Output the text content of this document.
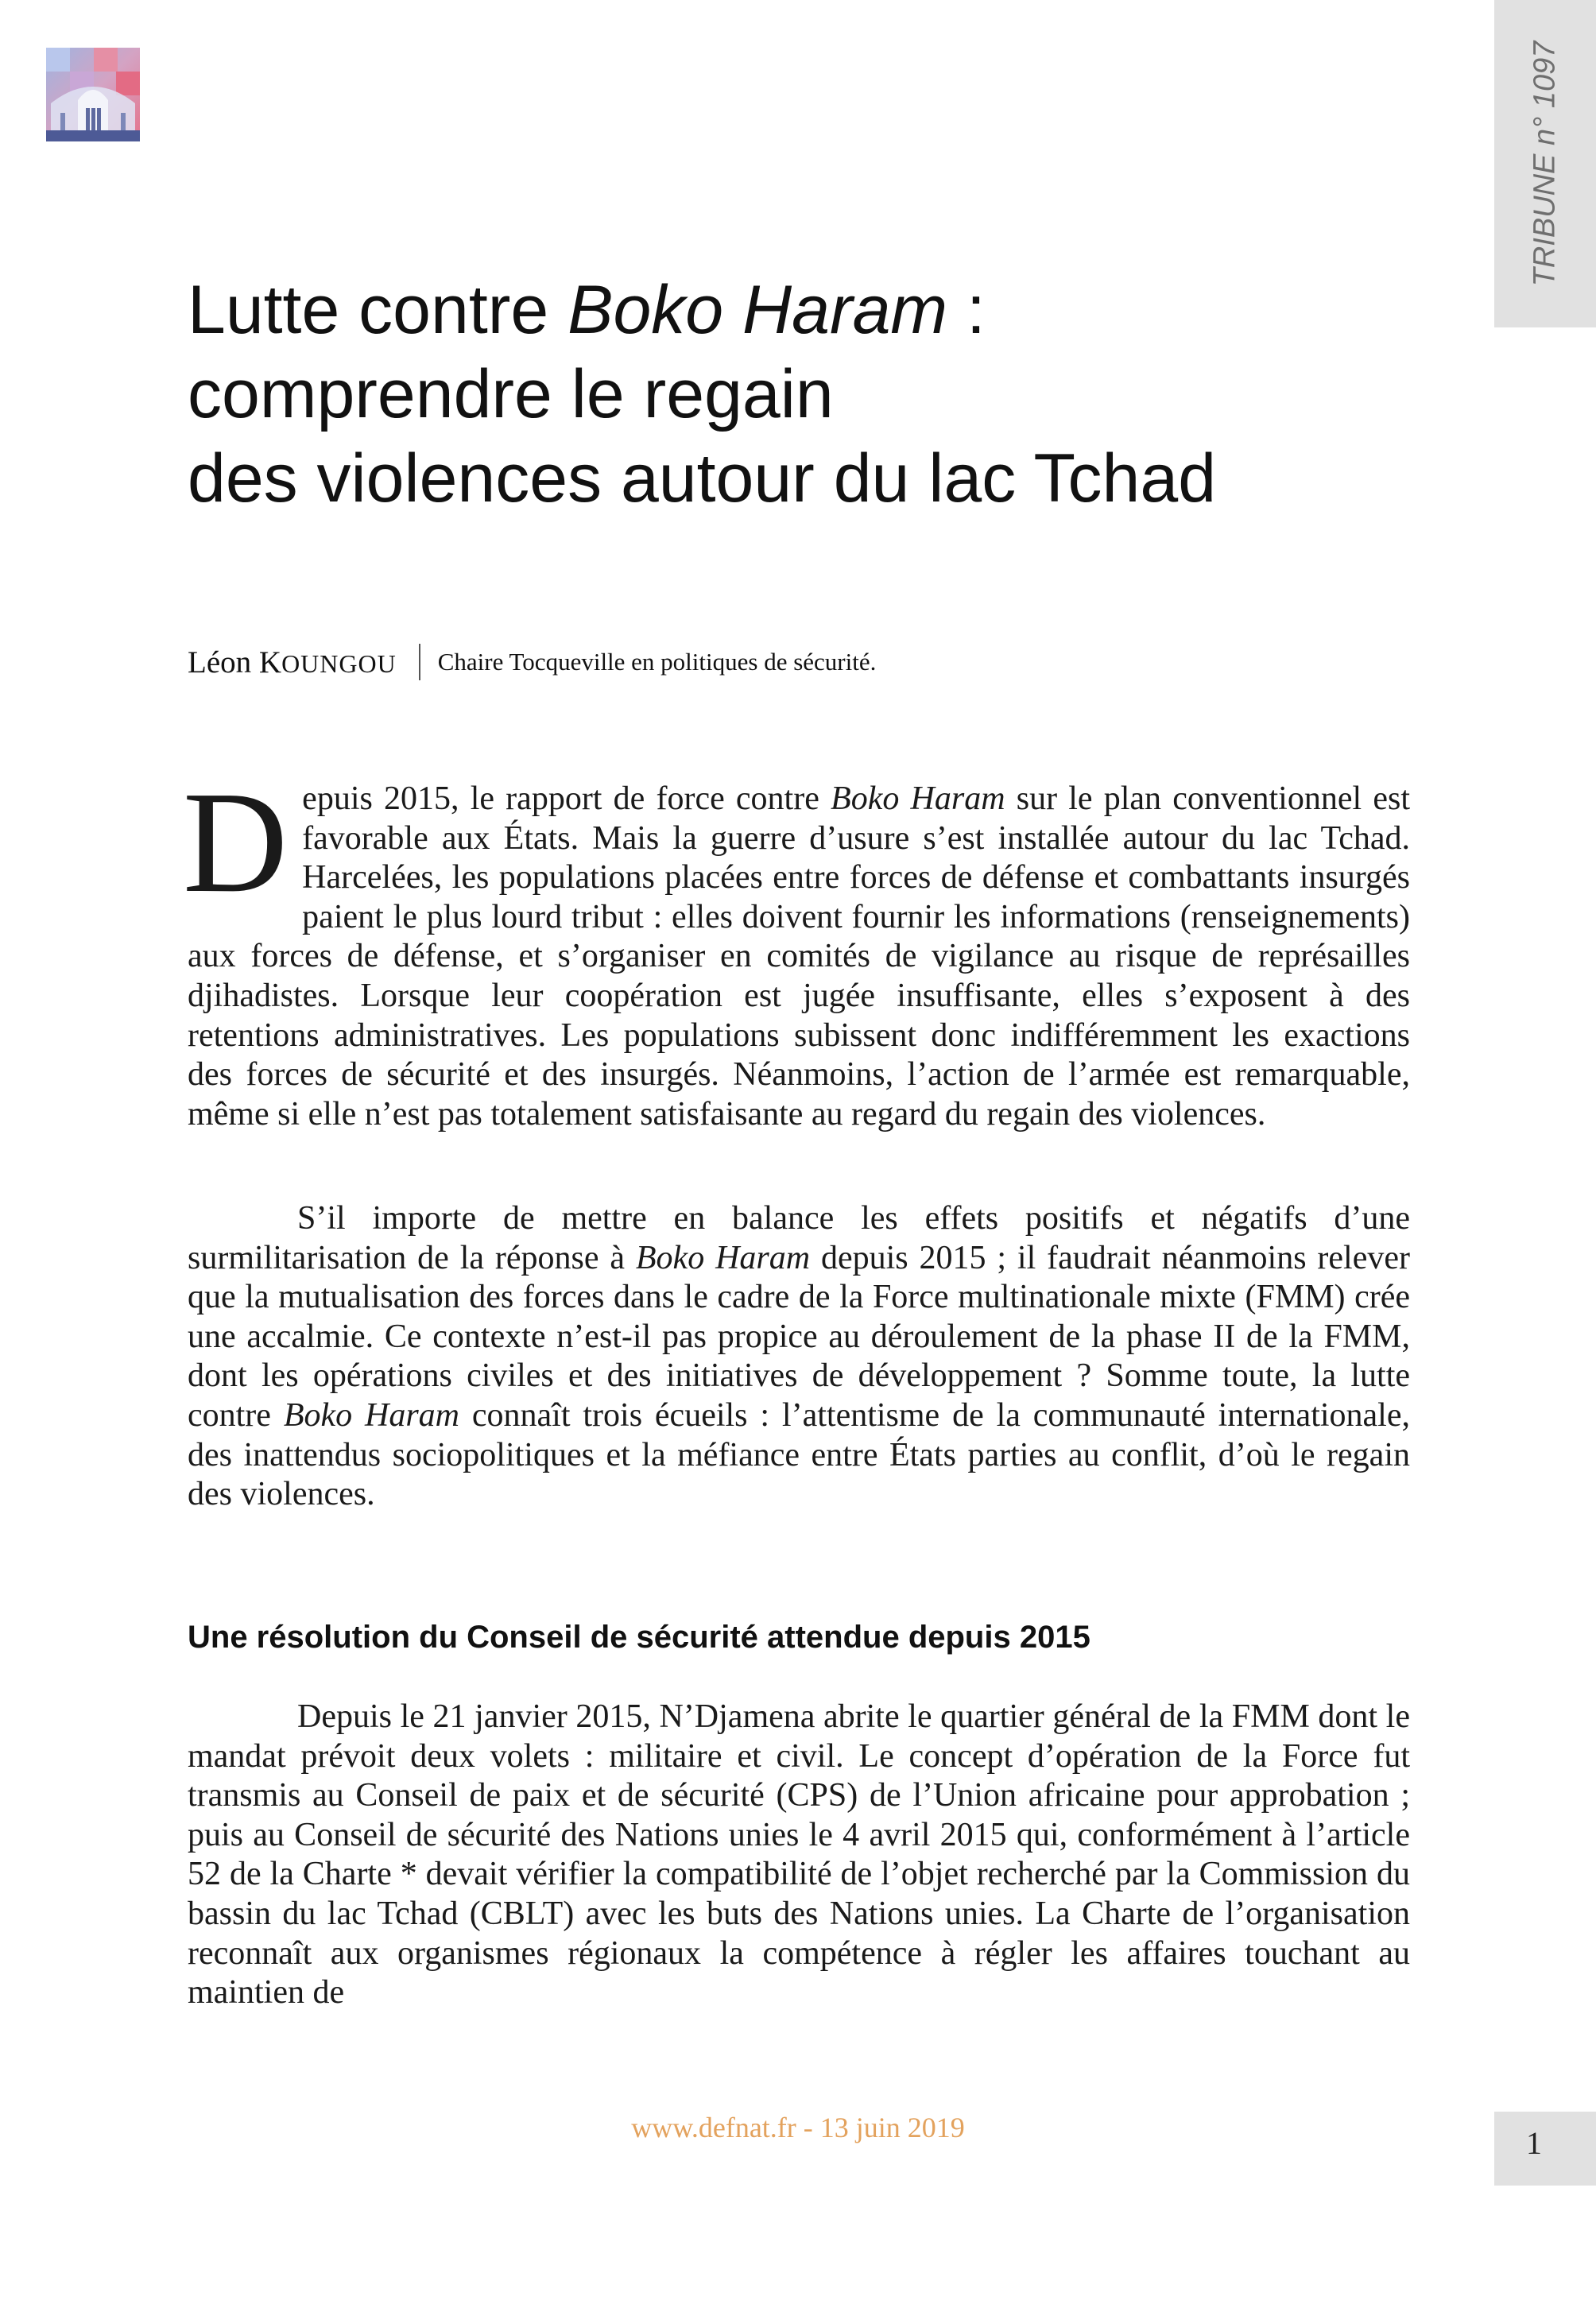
TRIBUNE n° 1097
Lutte contre Boko Haram :
comprendre le regain
des violences autour du lac Tchad
Léon KOUNGOU Chaire Tocqueville en politiques de sécurité.

Depuis 2015, le rapport de force contre Boko Haram sur le plan conventionnel est favorable aux États. Mais la guerre d’usure s’est installée autour du lac Tchad. Harcelées, les populations placées entre forces de défense et combattants insurgés paient le plus lourd tribut : elles doivent fournir les informations (renseignements) aux forces de défense, et s’organiser en comités de vigilance au risque de représailles djihadistes. Lorsque leur coopération est jugée insuffisante, elles s’exposent à des retentions administratives. Les populations subissent donc indifféremment les exactions des forces de sécurité et des insurgés. Néanmoins, l’action de l’armée est remarquable, même si elle n’est pas totalement satisfaisante au regard du regain des violences.

S’il importe de mettre en balance les effets positifs et négatifs d’une surmilitarisation de la réponse à Boko Haram depuis 2015 ; il faudrait néanmoins relever que la mutualisation des forces dans le cadre de la Force multinationale mixte (FMM) crée une accalmie. Ce contexte n’est-il pas propice au déroulement de la phase II de la FMM, dont les opérations civiles et des initiatives de développement ? Somme toute, la lutte contre Boko Haram connaît trois écueils : l’attentisme de la communauté internationale, des inattendus sociopolitiques et la méfiance entre États parties au conflit, d’où le regain des violences.

Une résolution du Conseil de sécurité attendue depuis 2015

Depuis le 21 janvier 2015, N’Djamena abrite le quartier général de la FMM dont le mandat prévoit deux volets : militaire et civil. Le concept d’opération de la Force fut transmis au Conseil de paix et de sécurité (CPS) de l’Union africaine pour approbation ; puis au Conseil de sécurité des Nations unies le 4 avril 2015 qui, conformément à l’article 52 de la Charte * devait vérifier la compatibilité de l’objet recherché par la Commission du bassin du lac Tchad (CBLT) avec les buts des Nations unies. La Charte de l’organisation reconnaît aux organismes régionaux la compétence à régler les affaires touchant au maintien de

www.defnat.fr - 13 juin 2019	1
